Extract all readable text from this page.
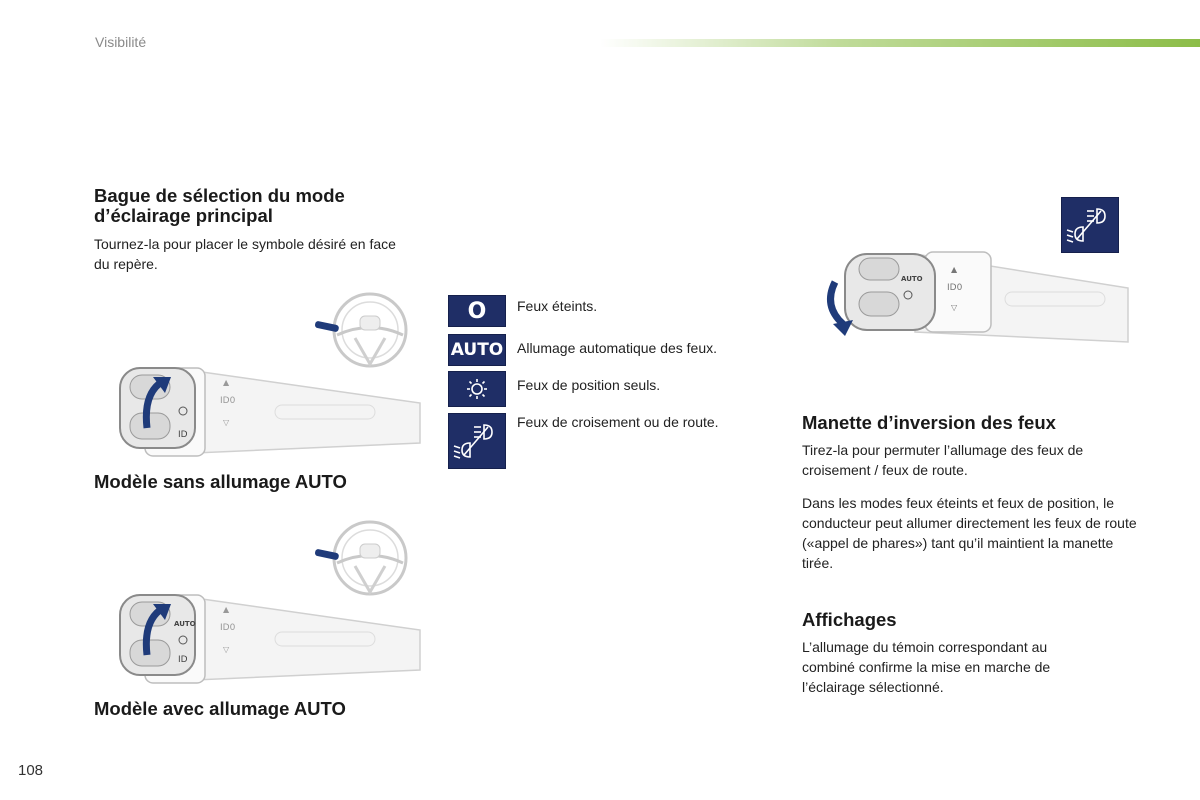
Visibilité
Bague de sélection du mode d’éclairage principal

Tournez-la pour placer le symbole désiré en face du repère.

ID
▲
ID0
▽
Modèle sans allumage AUTO
AUTO
ID
▲
ID0
▽
Modèle avec allumage AUTO
O Feux éteints.
AUTO Allumage automatique des feux.
Feux de position seuls.
Feux de croisement ou de route.
AUTO
▲
ID0
▽
Manette d’inversion des feux

Tirez-la pour permuter l’allumage des feux de croisement / feux de route.

Dans les modes feux éteints et feux de position, le conducteur peut allumer directement les feux de route («appel de phares») tant qu’il maintient la manette tirée.

Affichages

L’allumage du témoin correspondant au combiné confirme la mise en marche de l’éclairage sélectionné.

108
